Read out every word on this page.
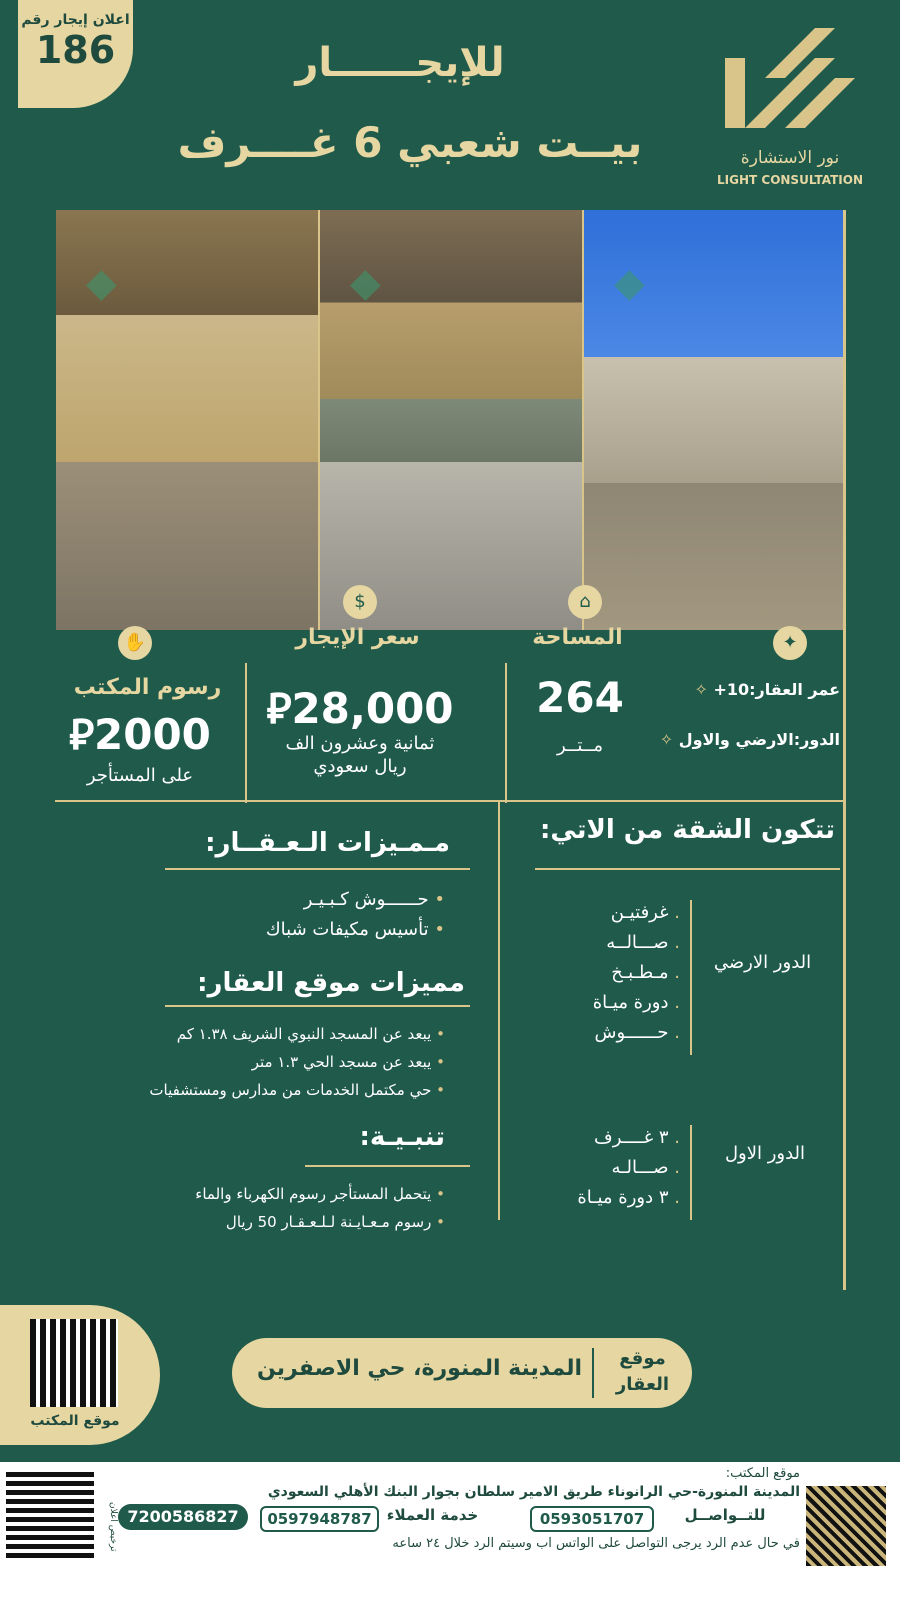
اعلان إيجار رقم
186	للإيجــــــار
بيــت شعبي 6 غــــرف	نور الاستشارة
LIGHT CONSULTATION
◆	◆	◆
✦
⌂
$
✋	المساحة
264
مــتــر
عمر العقار:10+ ✧
الدور:الارضي والاول ✧
سعر الإيجار
⃁28,000
ثمانية وعشرون الف
ريال سعودي
رسوم المكتب
⃁2000
على المستأجر
تتكون الشقة من الاتي:
. غرفتيـن
. صـــالــه
. مـطـبـخ
. دورة ميـاة
. حــــــوش
الدور الارضي
. ٣ غــــرف
. صـــالـه
. ٣ دورة ميـاة
الدور الاول
مـمـيزات الـعـقــار:
• حــــــوش كـبـيـر
• تأسيس مكيفات شباك
مميزات موقع العقار:
• يبعد عن المسجد النبوي الشريف ١.٣٨ كم
• يبعد عن مسجد الحي ١.٣ متر
• حي مكتمل الخدمات من مدارس ومستشفيات
تنبـيـة:
• يتحمل المستأجر رسوم الكهرباء والماء
• رسوم مـعـايـنة لـلـعـقـار 50 ريال
موقع المكتب
المدينة المنورة، حي الاصفرين	موقع
العقار
موقع المكتب:
المدينة المنورة-حي الرانوناء طريق الامير سلطان بجوار البنك الأهلي السعودي
ترخيص اعلان 7200586827	0597948787	خدمة العملاء	0593051707	للتــواصــل
في حال عدم الرد يرجى التواصل على الواتس اب وسيتم الرد خلال ٢٤ ساعه
